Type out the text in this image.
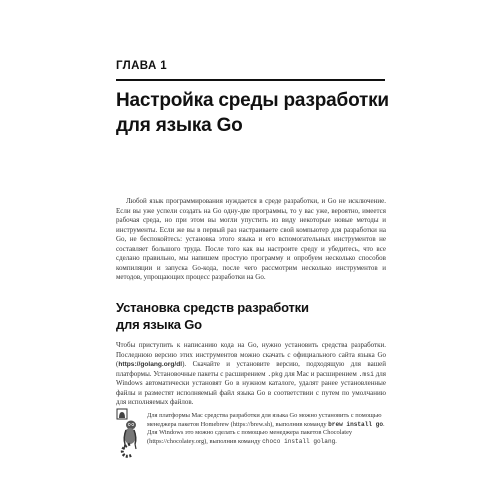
ГЛАВА 1
Настройка среды разработки
для языка Go

Любой язык программирования нуждается в среде разработки, и Go не исключение. Если вы уже успели создать на Go одну-две программы, то у вас уже, вероятно, имеется рабочая среда, но при этом вы могли упустить из виду некоторые новые методы и инструменты. Если же вы в первый раз настраиваете свой компьютер для разработки на Go, не беспокойтесь: установка этого языка и его вспомогательных инструментов не составляет большого труда. После того как вы настроите среду и убедитесь, что все сделано правильно, мы напишем простую программу и опробуем несколько способов компиляции и запуска Go-кода, после чего рассмотрим несколько инструментов и методов, упрощающих процесс разработки на Go.

Установка средств разработки
для языка Go

Чтобы приступить к написанию кода на Go, нужно установить средства разработки. Последнюю версию этих инструментов можно скачать с официального сайта языка Go (https://golang.org/dl). Скачайте и установите версию, подходящую для вашей платформы. Установочные пакеты с расширением .pkg для Mac и расширением .msi для Windows автоматически установят Go в нужном каталоге, удалят ранее установленные файлы и разместят исполняемый файл языка Go в соответствии с путем по умолчанию для исполняемых файлов.

Для платформы Mac средства разработки для языка Go можно установить с помощью менеджера пакетов Homebrew (https://brew.sh), выполнив команду brew install go. Для Windows это можно сделать с помощью менеджера пакетов Chocolatey (https://chocolatey.org), выполнив команду choco install golang.
